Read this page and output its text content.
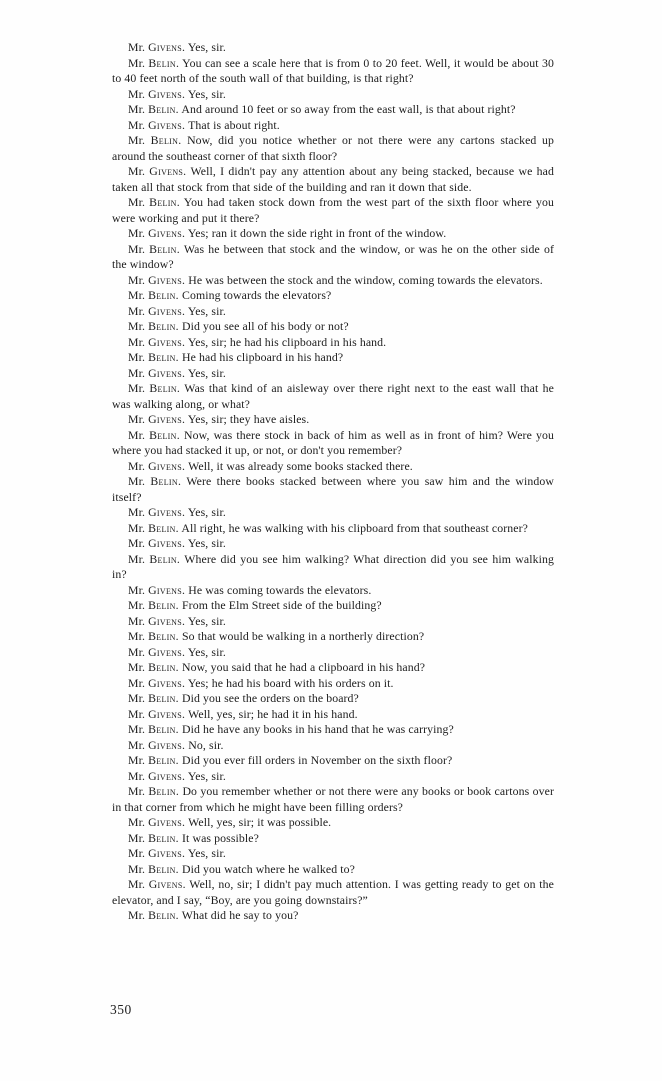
Mr. Givens. Yes, sir.

Mr. Belin. You can see a scale here that is from 0 to 20 feet. Well, it would be about 30 to 40 feet north of the south wall of that building, is that right?

Mr. Givens. Yes, sir.

Mr. Belin. And around 10 feet or so away from the east wall, is that about right?

Mr. Givens. That is about right.

Mr. Belin. Now, did you notice whether or not there were any cartons stacked up around the southeast corner of that sixth floor?

Mr. Givens. Well, I didn't pay any attention about any being stacked, because we had taken all that stock from that side of the building and ran it down that side.

Mr. Belin. You had taken stock down from the west part of the sixth floor where you were working and put it there?

Mr. Givens. Yes; ran it down the side right in front of the window.

Mr. Belin. Was he between that stock and the window, or was he on the other side of the window?

Mr. Givens. He was between the stock and the window, coming towards the elevators.

Mr. Belin. Coming towards the elevators?

Mr. Givens. Yes, sir.

Mr. Belin. Did you see all of his body or not?

Mr. Givens. Yes, sir; he had his clipboard in his hand.

Mr. Belin. He had his clipboard in his hand?

Mr. Givens. Yes, sir.

Mr. Belin. Was that kind of an aisleway over there right next to the east wall that he was walking along, or what?

Mr. Givens. Yes, sir; they have aisles.

Mr. Belin. Now, was there stock in back of him as well as in front of him? Were you where you had stacked it up, or not, or don't you remember?

Mr. Givens. Well, it was already some books stacked there.

Mr. Belin. Were there books stacked between where you saw him and the window itself?

Mr. Givens. Yes, sir.

Mr. Belin. All right, he was walking with his clipboard from that southeast corner?

Mr. Givens. Yes, sir.

Mr. Belin. Where did you see him walking? What direction did you see him walking in?

Mr. Givens. He was coming towards the elevators.

Mr. Belin. From the Elm Street side of the building?

Mr. Givens. Yes, sir.

Mr. Belin. So that would be walking in a northerly direction?

Mr. Givens. Yes, sir.

Mr. Belin. Now, you said that he had a clipboard in his hand?

Mr. Givens. Yes; he had his board with his orders on it.

Mr. Belin. Did you see the orders on the board?

Mr. Givens. Well, yes, sir; he had it in his hand.

Mr. Belin. Did he have any books in his hand that he was carrying?

Mr. Givens. No, sir.

Mr. Belin. Did you ever fill orders in November on the sixth floor?

Mr. Givens. Yes, sir.

Mr. Belin. Do you remember whether or not there were any books or book cartons over in that corner from which he might have been filling orders?

Mr. Givens. Well, yes, sir; it was possible.

Mr. Belin. It was possible?

Mr. Givens. Yes, sir.

Mr. Belin. Did you watch where he walked to?

Mr. Givens. Well, no, sir; I didn't pay much attention. I was getting ready to get on the elevator, and I say, “Boy, are you going downstairs?”

Mr. Belin. What did he say to you?

350
